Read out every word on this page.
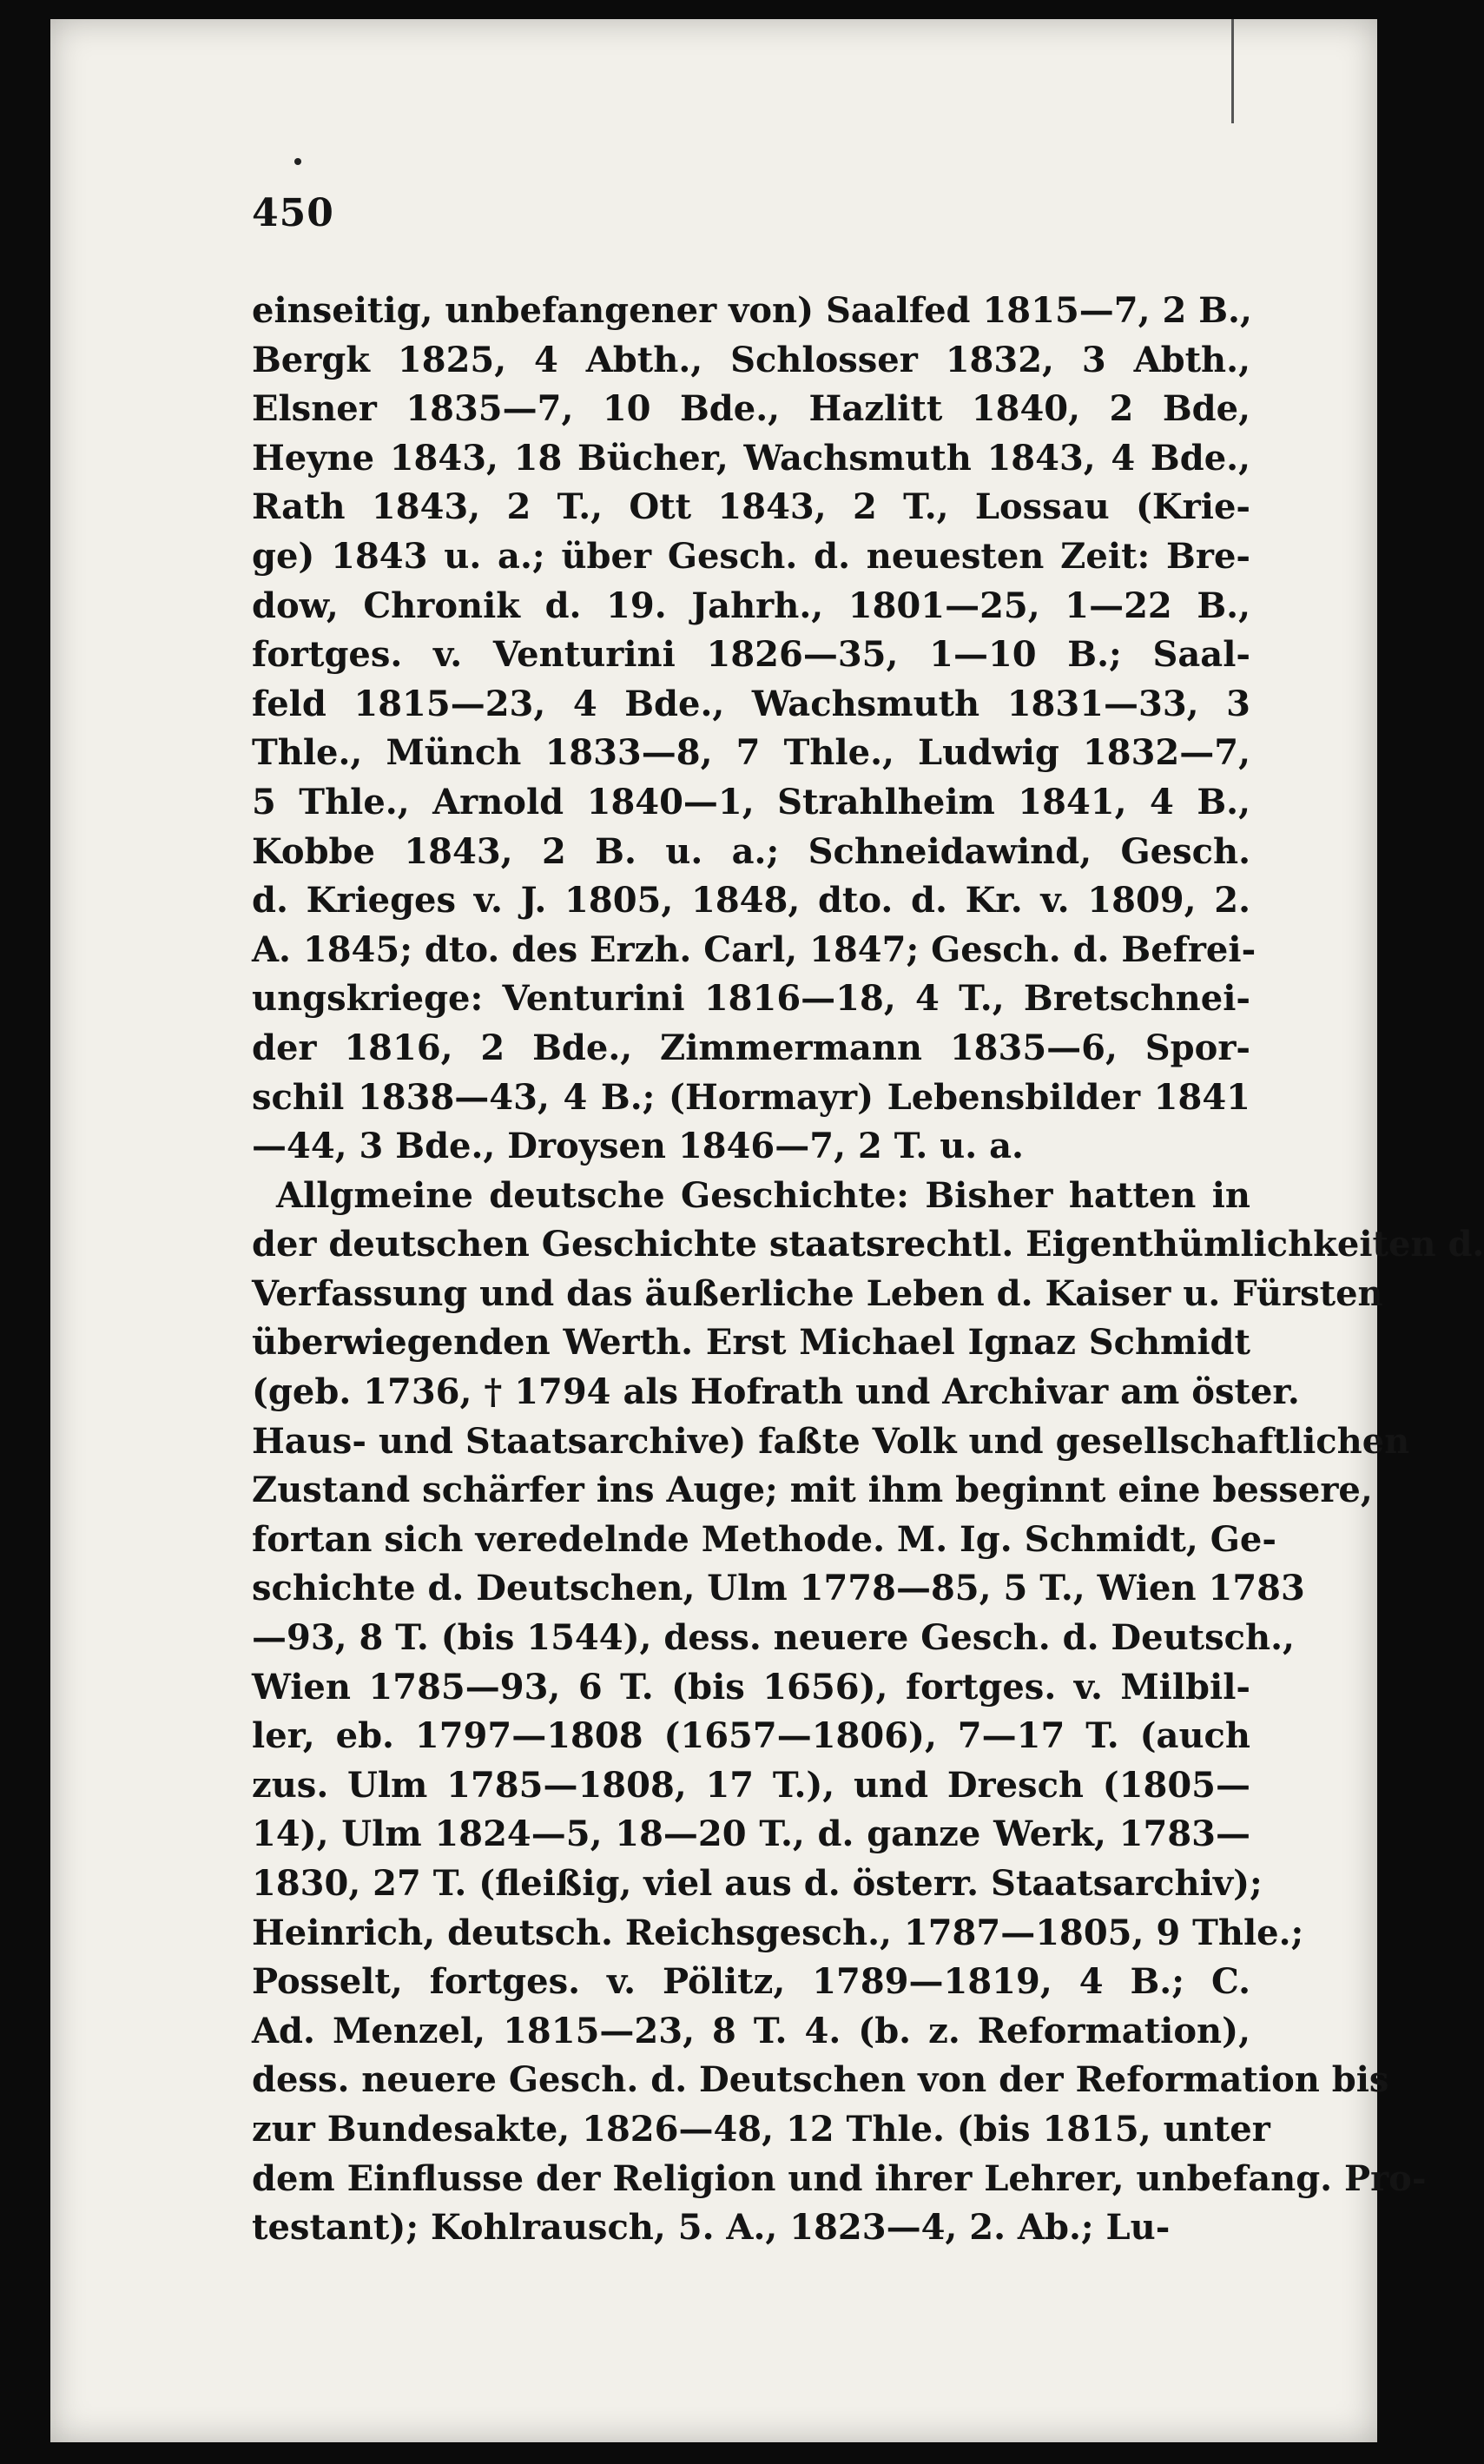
450
einseitig, unbefangener von) Saalfed 1815—7, 2 B.,
Bergk 1825, 4 Abth., Schlosser 1832, 3 Abth.,
Elsner 1835—7, 10 Bde., Hazlitt 1840, 2 Bde,
Heyne 1843, 18 Bücher, Wachsmuth 1843, 4 Bde.,
Rath 1843, 2 T., Ott 1843, 2 T., Lossau (Krie-
ge) 1843 u. a.; über Gesch. d. neuesten Zeit: Bre-
dow, Chronik d. 19. Jahrh., 1801—25, 1—22 B.,
fortges. v. Venturini 1826—35, 1—10 B.; Saal-
feld 1815—23, 4 Bde., Wachsmuth 1831—33, 3
Thle., Münch 1833—8, 7 Thle., Ludwig 1832—7,
5 Thle., Arnold 1840—1, Strahlheim 1841, 4 B.,
Kobbe 1843, 2 B. u. a.; Schneidawind, Gesch.
d. Krieges v. J. 1805, 1848, dto. d. Kr. v. 1809, 2.
A. 1845; dto. des Erzh. Carl, 1847; Gesch. d. Befrei-
ungskriege: Venturini 1816—18, 4 T., Bretschnei-
der 1816, 2 Bde., Zimmermann 1835—6, Spor-
schil 1838—43, 4 B.; (Hormayr) Lebensbilder 1841
—44, 3 Bde., Droysen 1846—7, 2 T. u. a.
Allgmeine deutsche Geschichte: Bisher hatten in
der deutschen Geschichte staatsrechtl. Eigenthümlichkeiten d.
Verfassung und das äußerliche Leben d. Kaiser u. Fürsten
überwiegenden Werth. Erst Michael Ignaz Schmidt
(geb. 1736, † 1794 als Hofrath und Archivar am öster.
Haus- und Staatsarchive) faßte Volk und gesellschaftlichen
Zustand schärfer ins Auge; mit ihm beginnt eine bessere,
fortan sich veredelnde Methode. M. Ig. Schmidt, Ge-
schichte d. Deutschen, Ulm 1778—85, 5 T., Wien 1783
—93, 8 T. (bis 1544), dess. neuere Gesch. d. Deutsch.,
Wien 1785—93, 6 T. (bis 1656), fortges. v. Milbil-
ler, eb. 1797—1808 (1657—1806), 7—17 T. (auch
zus. Ulm 1785—1808, 17 T.), und Dresch (1805—
14), Ulm 1824—5, 18—20 T., d. ganze Werk, 1783—
1830, 27 T. (fleißig, viel aus d. österr. Staatsarchiv);
Heinrich, deutsch. Reichsgesch., 1787—1805, 9 Thle.;
Posselt, fortges. v. Pölitz, 1789—1819, 4 B.; C.
Ad. Menzel, 1815—23, 8 T. 4. (b. z. Reformation),
dess. neuere Gesch. d. Deutschen von der Reformation bis
zur Bundesakte, 1826—48, 12 Thle. (bis 1815, unter
dem Einflusse der Religion und ihrer Lehrer, unbefang. Pro-
testant); Kohlrausch, 5. A., 1823—4, 2. Ab.; Lu-
